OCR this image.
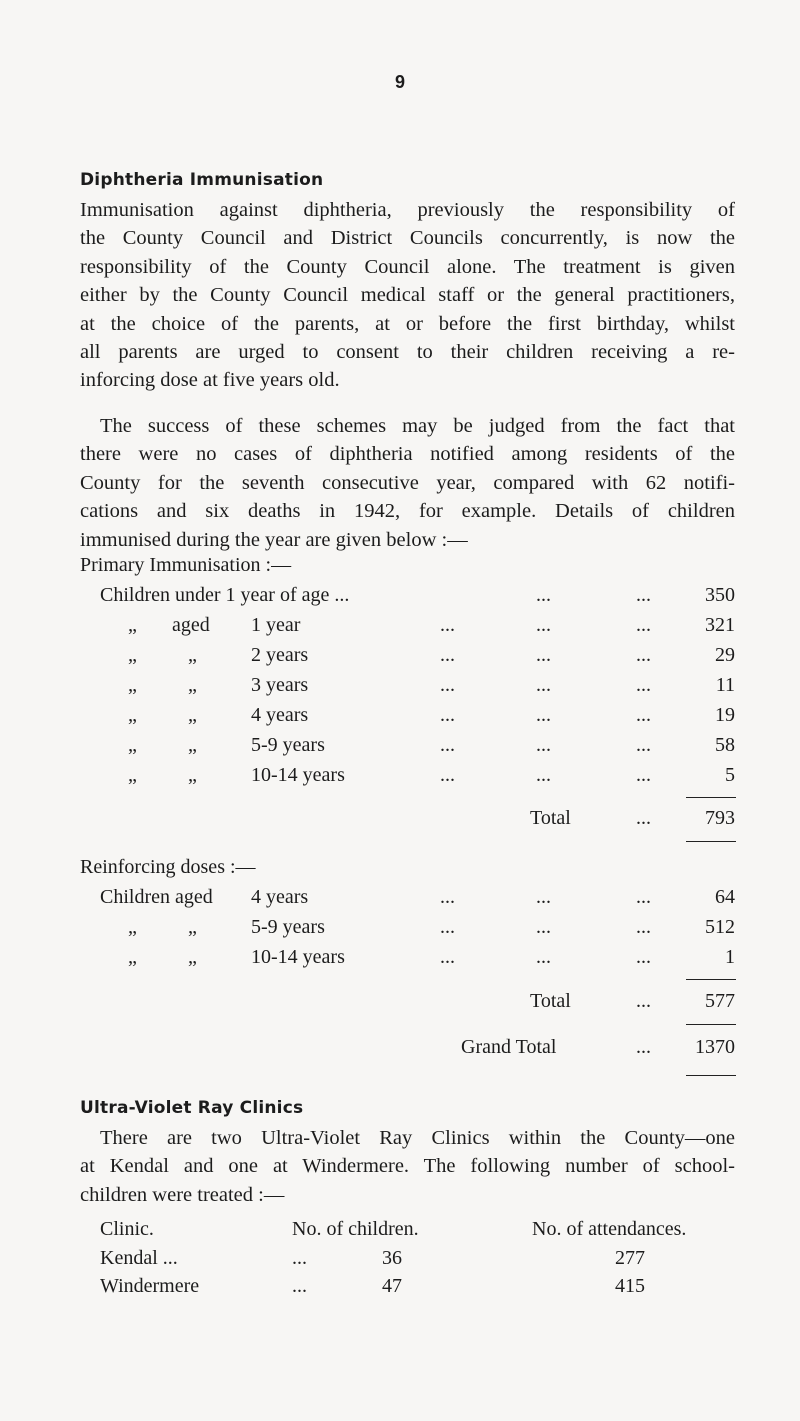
9
Diphtheria Immunisation
Immunisation against diphtheria, previously the responsibility of
the County Council and District Councils concurrently, is now the
responsibility of the County Council alone. The treatment is given
either by the County Council medical staff or the general practitioners,
at the choice of the parents, at or before the first birthday, whilst
all parents are urged to consent to their children receiving a re-
inforcing dose at five years old.
The success of these schemes may be judged from the fact that
there were no cases of diphtheria notified among residents of the
County for the seventh consecutive year, compared with 62 notifi-
cations and six deaths in 1942, for example. Details of children
immunised during the year are given below :—
Primary Immunisation :—
Children under 1 year of age ...	...	...	350
„ aged 1 year	...	...	...	321
„	„	2 years	...	...	...	29
„	„	3 years	...	...	...	11
„	„	4 years	...	...	...	19
„	„	5-9 years	...	...	...	58
„	„	10-14 years	...	...	...	5
Total	...	793
Reinforcing doses :—
Children aged 4 years	...	...	...	64
„	„	5-9 years	...	...	...	512
„	„	10-14 years	...	...	...	1
Total	...	577
Grand Total	... 1370
Ultra-Violet Ray Clinics
There are two Ultra-Violet Ray Clinics within the County—one
at Kendal and one at Windermere. The following number of school-
children were treated :—
Clinic.	No. of children.	No. of attendances.
Kendal ...	...	36	277
Windermere	...	47	415
